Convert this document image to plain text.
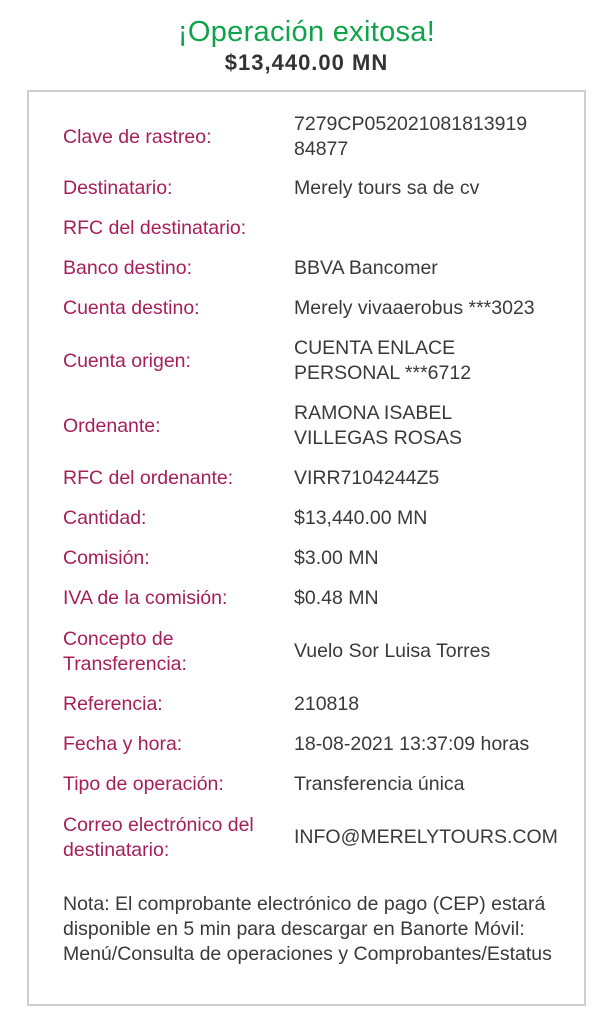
¡Operación exitosa!
$13,440.00 MN
Clave de rastreo:
7279CP052021081813919
84877
Destinatario:	Merely tours sa de cv
RFC del destinatario:
Banco destino:	BBVA Bancomer
Cuenta destino:	Merely vivaaerobus ***3023
Cuenta origen:
CUENTA ENLACE
PERSONAL ***6712
Ordenante:
RAMONA ISABEL
VILLEGAS ROSAS
RFC del ordenante:	VIRR7104244Z5
Cantidad:	$13,440.00 MN
Comisión:	$3.00 MN
IVA de la comisión:	$0.48 MN
Concepto de Transferencia:
Vuelo Sor Luisa Torres
Referencia:	210818
Fecha y hora:	18-08-2021 13:37:09 horas
Tipo de operación:	Transferencia única
Correo electrónico del destinatario:
INFO@MERELYTOURS.COM
Nota: El comprobante electrónico de pago (CEP) estará disponible en 5 min para descargar en Banorte Móvil: Menú/Consulta de operaciones y Comprobantes/Estatus
